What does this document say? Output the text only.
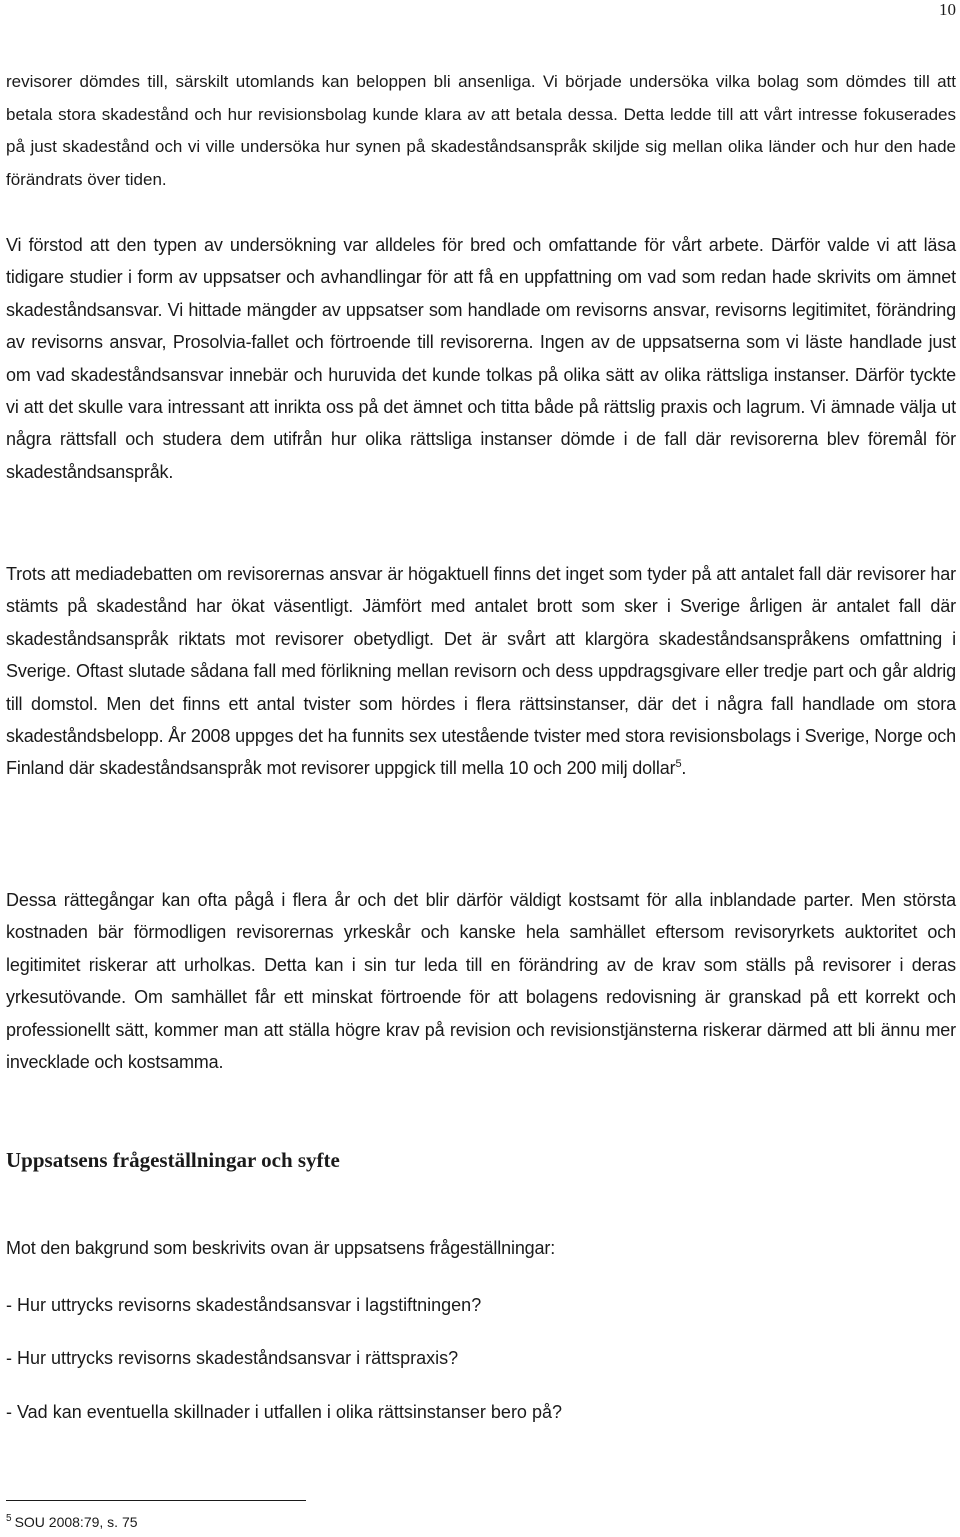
10

revisorer dömdes till, särskilt utomlands kan beloppen bli ansenliga. Vi började undersöka vilka bolag som dömdes till att betala stora skadestånd och hur revisionsbolag kunde klara av att betala dessa. Detta ledde till att vårt intresse fokuserades på just skadestånd och vi ville undersöka hur synen på skadeståndsanspråk skiljde sig mellan olika länder och hur den hade förändrats över tiden.

Vi förstod att den typen av undersökning var alldeles för bred och omfattande för vårt arbete. Därför valde vi att läsa tidigare studier i form av uppsatser och avhandlingar för att få en uppfattning om vad som redan hade skrivits om ämnet skadeståndsansvar. Vi hittade mängder av uppsatser som handlade om revisorns ansvar, revisorns legitimitet, förändring av revisorns ansvar, Prosolvia-fallet och förtroende till revisorerna. Ingen av de uppsatserna som vi läste handlade just om vad skadeståndsansvar innebär och huruvida det kunde tolkas på olika sätt av olika rättsliga instanser. Därför tyckte vi att det skulle vara intressant att inrikta oss på det ämnet och titta både på rättslig praxis och lagrum. Vi ämnade välja ut några rättsfall och studera dem utifrån hur olika rättsliga instanser dömde i de fall där revisorerna blev föremål för skadeståndsanspråk.

Trots att mediadebatten om revisorernas ansvar är högaktuell finns det inget som tyder på att antalet fall där revisorer har stämts på skadestånd har ökat väsentligt. Jämfört med antalet brott som sker i Sverige årligen är antalet fall där skadeståndsanspråk riktats mot revisorer obetydligt. Det är svårt att klargöra skadeståndsanspråkens omfattning i Sverige. Oftast slutade sådana fall med förlikning mellan revisorn och dess uppdragsgivare eller tredje part och går aldrig till domstol. Men det finns ett antal tvister som hördes i flera rättsinstanser, där det i några fall handlade om stora skadeståndsbelopp. År 2008 uppges det ha funnits sex utestående tvister med stora revisionsbolags i Sverige, Norge och Finland där skadeståndsanspråk mot revisorer uppgick till mella 10 och 200 milj dollar$^5$.

Dessa rättegångar kan ofta pågå i flera år och det blir därför väldigt kostsamt för alla inblandade parter. Men största kostnaden bär förmodligen revisorernas yrkeskår och kanske hela samhället eftersom revisoryrkets auktoritet och legitimitet riskerar att urholkas. Detta kan i sin tur leda till en förändring av de krav som ställs på revisorer i deras yrkesutövande. Om samhället får ett minskat förtroende för att bolagens redovisning är granskad på ett korrekt och professionellt sätt, kommer man att ställa högre krav på revision och revisionstjänsterna riskerar därmed att bli ännu mer invecklade och kostsamma.

Uppsatsens frågeställningar och syfte

Mot den bakgrund som beskrivits ovan är uppsatsens frågeställningar:

- Hur uttrycks revisorns skadeståndsansvar i lagstiftningen?

- Hur uttrycks revisorns skadeståndsansvar i rättspraxis?

- Vad kan eventuella skillnader i utfallen i olika rättsinstanser bero på?

$^5$ SOU 2008:79, s. 75
